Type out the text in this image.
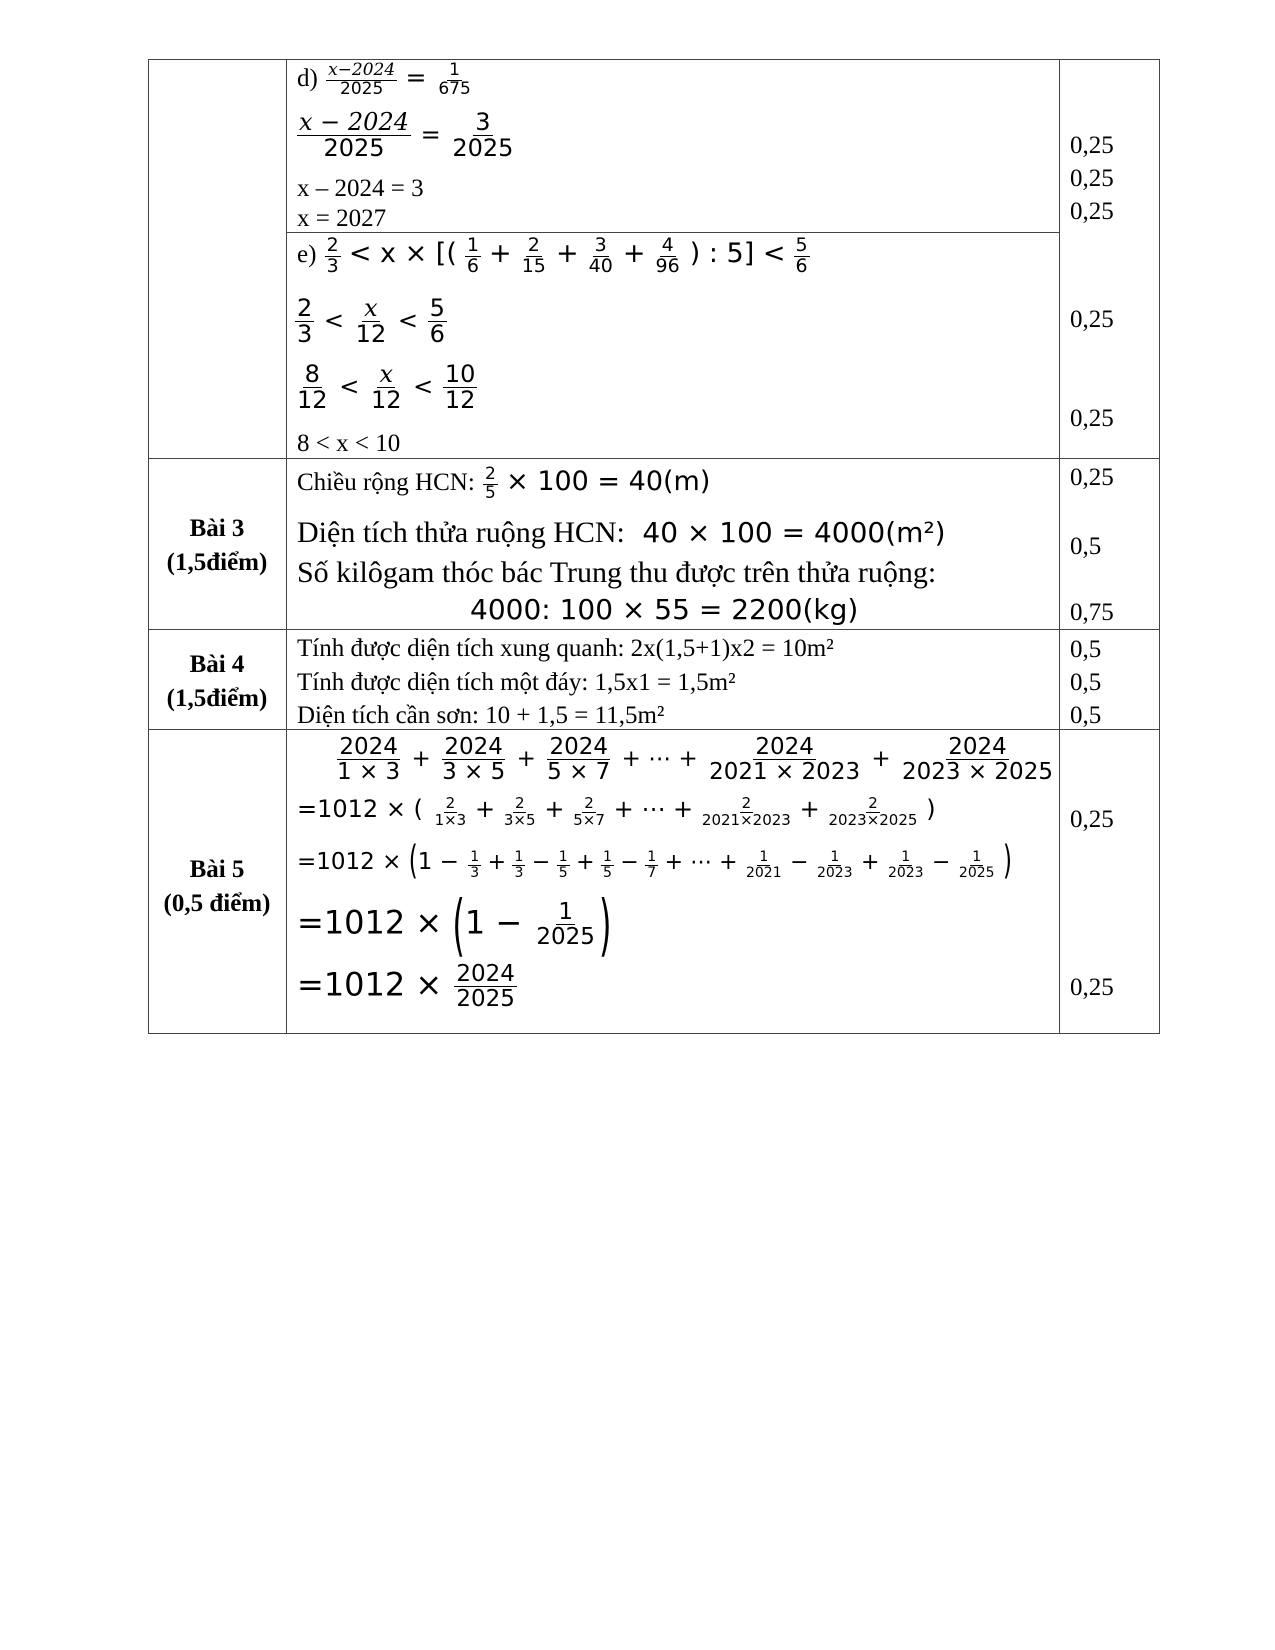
$d) \frac{x-2024}{2025} = \frac{1}{675}$
$\frac{x - 2024}{2025} = \frac{3}{2025}$
x – 2024 = 3
x = 2027
0,25
0,25
0,25
$e) \frac{2}{3} < x$ × [( $\frac{1}{6} + \frac{2}{15} + \frac{3}{40} + \frac{4}{96}$ ) : $5] < \frac{5}{6}$
$\frac{2}{3} < \frac{x}{12} < \frac{5}{6}$
$\frac{8}{12} < \frac{x}{12} < \frac{10}{12}$
8 < x < 10
0,25
0,25
Bài 3
(1,5điểm)
Chiều rộng HCN: $\frac{2}{5} \times 100 = 40(m)$
Diện tích thửa ruộng HCN: 40 × 100 = 4000(m²)
Số kilôgam thóc bác Trung thu được trên thửa ruộng:
4000: 100 × 55 = 2200(kg)
0,25
0,5
0,75
Bài 4
(1,5điểm)
Tính được diện tích xung quanh: 2x(1,5+1)x2 = 10m²
Tính được diện tích một đáy: 1,5x1 = 1,5m²
Diện tích cần sơn: 10 + 1,5 = 11,5m²
0,5
0,5
0,5
Bài 5
(0,5 điểm)
$\frac{2024}{1 \times 3} + \frac{2024}{3 \times 5} + \frac{2024}{5 \times 7}$ + ⋯ + $\frac{2024}{2021 \times 2023} + \frac{2024}{2023 \times 2025}$
=1012 × ( $\frac{2}{1\times 3} + \frac{2}{3\times 5} + \frac{2}{5\times 7}$ + ⋯ + $\frac{2}{2021\times 2023} + \frac{2}{2023\times 2025}$ )
$=1012 \times (1 - \frac{1}{3} + \frac{1}{3} - \frac{1}{5} + \frac{1}{5} - \frac{1}{7}$ + ⋯ + $\frac{1}{2021} - \frac{1}{2023} + \frac{1}{2023} - \frac{1}{2025}$ )
$=1012 \times (1 - \frac{1}{2025}$ )
$=1012 \times \frac{2024}{2025}$
0,25
0,25
